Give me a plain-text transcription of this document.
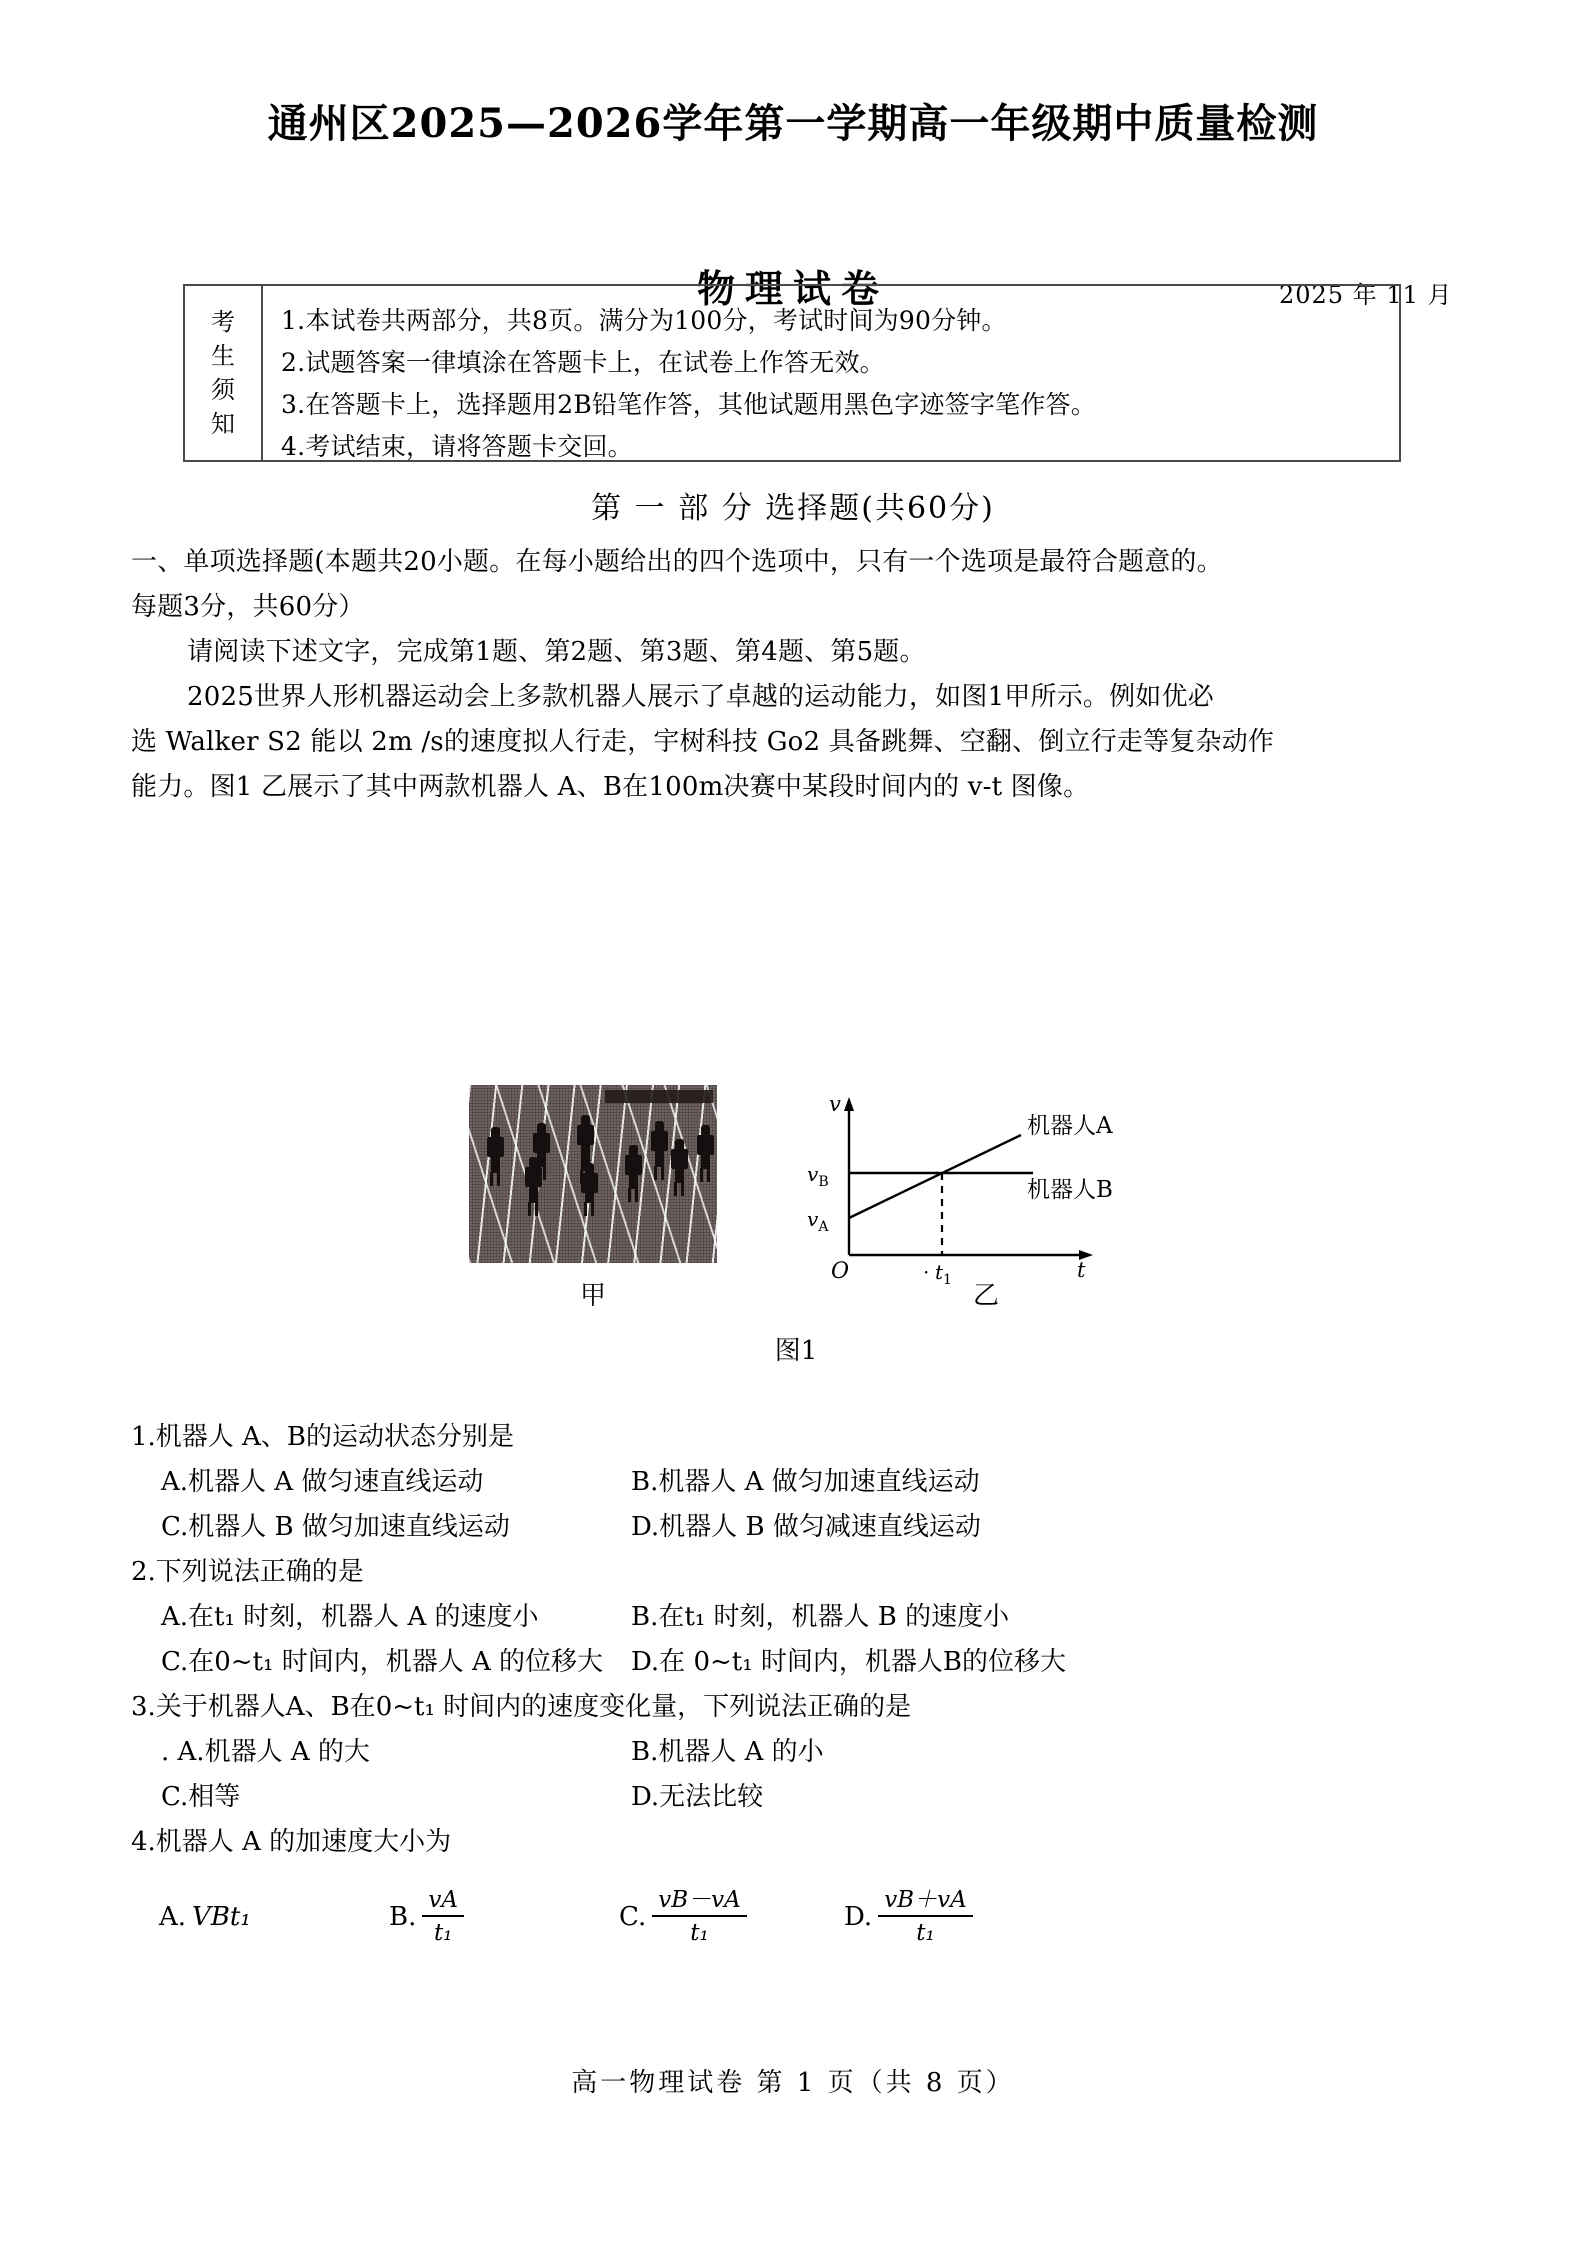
通州区2025—2026学年第一学期高一年级期中质量检测
物理试卷	2025 年 11 月
考
生
须
知
1.本试卷共两部分，共8页。满分为100分，考试时间为90分钟。
2.试题答案一律填涂在答题卡上，在试卷上作答无效。
3.在答题卡上，选择题用2B铅笔作答，其他试题用黑色字迹签字笔作答。
4.考试结束，请将答题卡交回。
第 一 部 分 选择题(共60分)
一、单项选择题(本题共20小题。在每小题给出的四个选项中，只有一个选项是最符合题意的。
每题3分，共60分）
请阅读下述文字，完成第1题、第2题、第3题、第4题、第5题。
2025世界人形机器运动会上多款机器人展示了卓越的运动能力，如图1甲所示。例如优必
选 Walker S2 能以 2m /s的速度拟人行走，宇树科技 Go2 具备跳舞、空翻、倒立行走等复杂动作
能力。图1 乙展示了其中两款机器人 A、B在100m决赛中某段时间内的 v-t 图像。
甲
v
t
O
$v_B$
$v_A$
· $t_1$
机器人A
机器人B
乙
图1
1.机器人 A、B的运动状态分别是
A.机器人 A 做匀速直线运动	B.机器人 A 做匀加速直线运动
C.机器人 B 做匀加速直线运动	D.机器人 B 做匀减速直线运动
2.下列说法正确的是
A.在t₁ 时刻，机器人 A 的速度小	B.在t₁ 时刻，机器人 B 的速度小
C.在0~t₁ 时间内，机器人 A 的位移大	D.在 0~t₁ 时间内，机器人B的位移大
3.关于机器人A、B在0~t₁ 时间内的速度变化量，下列说法正确的是
. A.机器人 A 的大	B.机器人 A 的小
C.相等	D.无法比较
4.机器人 A 的加速度大小为
A. VBt₁	B. $\frac{vA}{\text{t₁}}$	C. $\frac{vB-vA}{\text{t₁}}$	D. $\frac{vB+vA}{\text{t₁}}$
高一物理试卷 第 1 页（共 8 页）
